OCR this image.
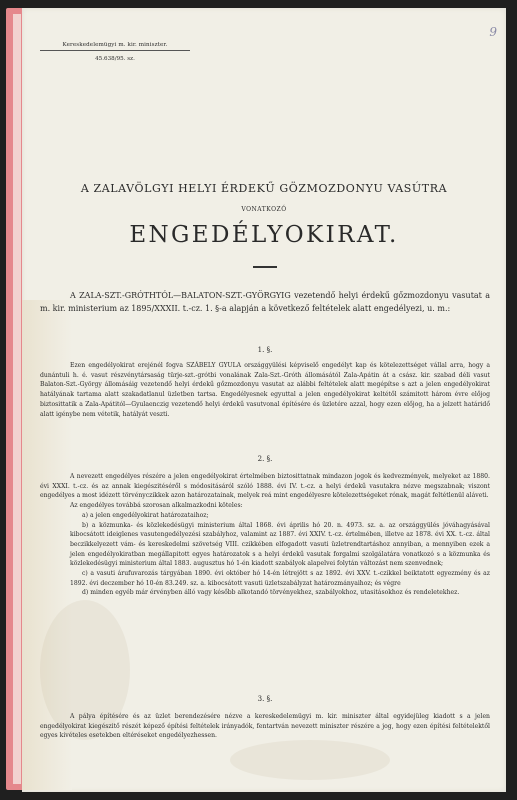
9
Kereskedelemügyi m. kir. miniszter.
45.638/95. sz.
A ZALAVÖLGYI HELYI ÉRDEKŰ GÖZMOZDONYU VASÚTRA
VONATKOZÓ
ENGEDÉLYOKIRAT.
A ZALA-SZT.-GRÓTHTÓL—BALATON-SZT.-GYÖRGYIG vezetendő helyi érdekű gőzmozdonyu vasutat a m. kir. ministerium az 1895/XXXII. t.-cz. 1. §-a alapján a következő feltételek alatt engedélyezi, u. m.:
1. §.

Ezen engedélyokirat erejénél fogva SZÁBELY GYULA országgyülési képviselő engedélyt kap és kötelezettséget vállal arra, hogy a dunántuli h. é. vasut részvénytársaság türje-szt.-grótbi vonalának Zala-Szt.-Gróth állomásától Zala-Apátin át a csász. kir. szabad déli vasut Balaton-Szt.-György állomásáig vezetendő helyi érdekű gőzmozdonyu vasutat az alábbi feltételek alatt megépítse s azt a jelen engedélyokirat hatályának tartama alatt szakadatlanul üzletben tartsa. Engedélyesnek egyuttal a jelen engedélyokirat keltétől számitott három évre előjog biztosittatik a Zala-Apátitól—Gyulaenczig vezetendő helyi érdekű vasutvonal építésére és üzletére azzal, hogy ezen előjog, ha a jelzett határidő alatt igénybe nem vétetik, hatályát veszti.

2. §.

A nevezett engedélyes részére a jelen engedélyokirat értelmében biztosittatnak mindazon jogok és kedvezmények, melyeket az 1880. évi XXXI. t.-cz. és az annak kiegészitéséről s módositásáról szóló 1888. évi IV. t.-cz. a helyi érdekű vasutakra nézve megszabnak; viszont engedélyes a most idézett törvényczikkek azon határozatainak, melyek reá mint engedélyesre kötelezettségeket rónak, magát feltétlenül aláveti.

Az engedélyes továbbá szorosan alkalmazkodni köteles:

a) a jelen engedélyokirat határozataihoz;

b) a közmunka- és közlekedésügyi ministerium által 1868. évi április hó 20. n. 4973. sz. a. az országgyülés jóváhagyásával kibocsátott ideiglenes vasutengedélyezési szabályhoz, valamint az 1887. évi XXIV. t.-cz. értelmében, illetve az 1878. évi XX. t.-cz. által beczikkelyezett vám- és kereskedelmi szövetség VIII. czikkében elfogadott vasuti üzletrendtartáshoz annyiban, a mennyiben ezek a jelen engedélyokiratban megállapitott egyes határozatok s a helyi érdekű vasutak forgalmi szolgálatára vonatkozó s a közmunka és közlekedésügyi ministerium által 1883. augusztus hó 1-én kiadott szabályok alapelvei folytán változást nem szenvednek;

c) a vasuti árufuvarozás tárgyában 1890. évi október hó 14-én létrejött s az 1892. évi XXV. t.-czikkel beiktatott egyezmény és az 1892. évi deczember hó 10-én 83.249. sz. a. kibocsátott vasuti üzletszabályzat határozmányaihoz; és végre

d) minden egyéb már érvényben álló vagy később alkotandó törvényekhez, szabályokhoz, utasitásokhoz és rendeletekhez.

3. §.

A pálya építésére és az üzlet berendezésére nézve a kereskedelemügyi m. kir. miniszter által egyidejüleg kiadott s a jelen engedélyokirat kiegészitő részét képező építési feltételek irányadók, fentartván nevezett miniszter részére a jog, hogy ezen építési feltételektől egyes kivételes esetekben eltéréseket engedélyezhessen.
